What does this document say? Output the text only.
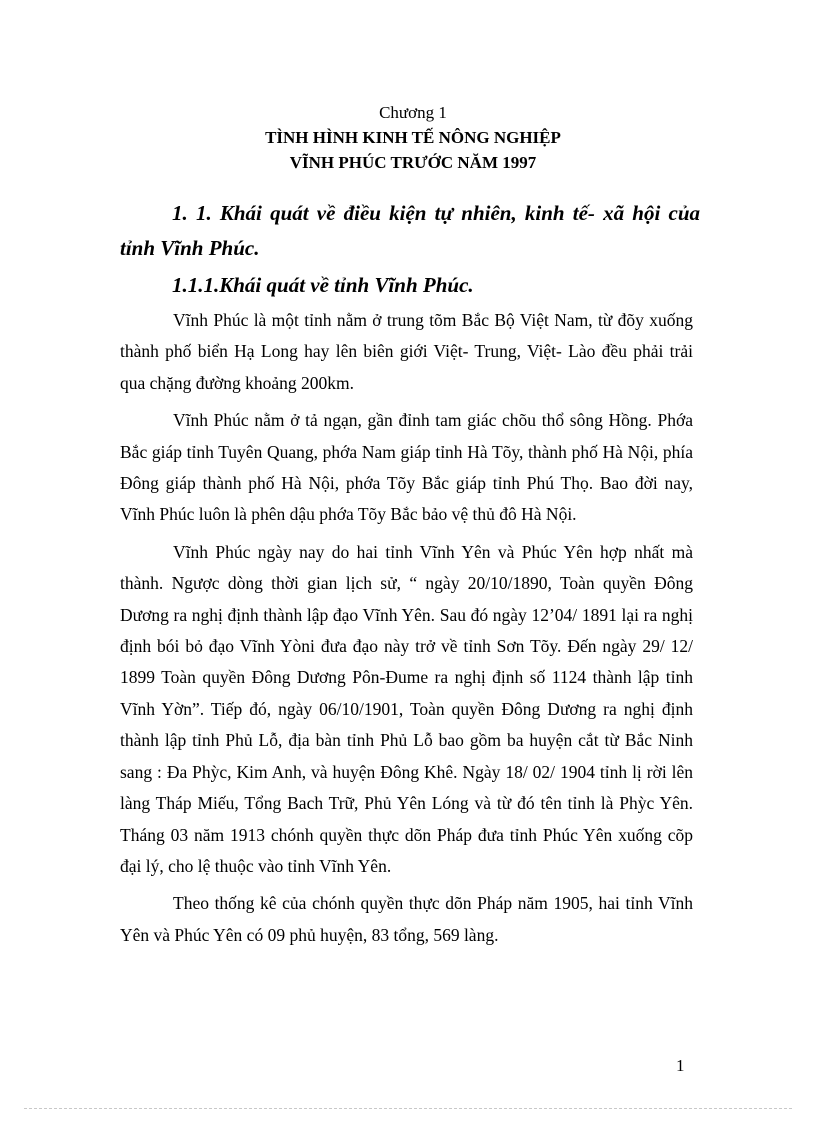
Chương 1
TÌNH HÌNH KINH TẾ NÔNG NGHIỆP
VĨNH PHÚC TRƯỚC NĂM 1997
1. 1. Khái quát về điều kiện tự nhiên, kinh tế- xã hội của tỉnh Vĩnh Phúc.
1.1.1.Khái quát về tỉnh Vĩnh Phúc.

Vĩnh Phúc là một tỉnh nằm ở trung tõm Bắc Bộ Việt Nam, từ đõy xuống thành phố biển Hạ Long hay lên biên giới Việt- Trung, Việt- Lào đều phải trải qua chặng đường khoảng 200km.

Vĩnh Phúc nằm ở tả ngạn, gần đỉnh tam giác chõu thổ sông Hồng. Phớa Bắc giáp tỉnh Tuyên Quang, phớa Nam giáp tỉnh Hà Tõy, thành phố Hà Nội, phía Đông giáp thành phố Hà Nội, phớa Tõy Bắc giáp tỉnh Phú Thọ. Bao đời nay, Vĩnh Phúc luôn là phên dậu phớa Tõy Bắc bảo vệ thủ đô Hà Nội.

Vĩnh Phúc ngày nay do hai tỉnh Vĩnh Yên và Phúc Yên hợp nhất mà thành. Ngược dòng thời gian lịch sử, “ ngày 20/10/1890, Toàn quyền Đông Dương ra nghị định thành lập đạo Vĩnh Yên. Sau đó ngày 12’04/ 1891 lại ra nghị định bói bỏ đạo Vĩnh Yòni đưa đạo này trở về tỉnh Sơn Tõy. Đến ngày 29/ 12/ 1899 Toàn quyền Đông Dương Pôn-Đume ra nghị định số 1124 thành lập tỉnh Vĩnh Yờn”. Tiếp đó, ngày 06/10/1901, Toàn quyền Đông Dương ra nghị định thành lập tỉnh Phủ Lỗ, địa bàn tỉnh Phủ Lỗ bao gồm ba huyện cắt từ Bắc Ninh sang : Đa Phỳc, Kim Anh, và huyện Đông Khê. Ngày 18/ 02/ 1904 tỉnh lị rời lên làng Tháp Miếu, Tổng Bach Trữ, Phủ Yên Lóng và từ đó tên tỉnh là Phỳc Yên. Tháng 03 năm 1913 chónh quyền thực dõn Pháp đưa tỉnh Phúc Yên xuống cõp đại lý, cho lệ thuộc vào tỉnh Vĩnh Yên.

Theo thống kê của chónh quyền thực dõn Pháp năm 1905, hai tỉnh Vĩnh Yên và Phúc Yên có 09 phủ huyện, 83 tổng, 569 làng.

1
